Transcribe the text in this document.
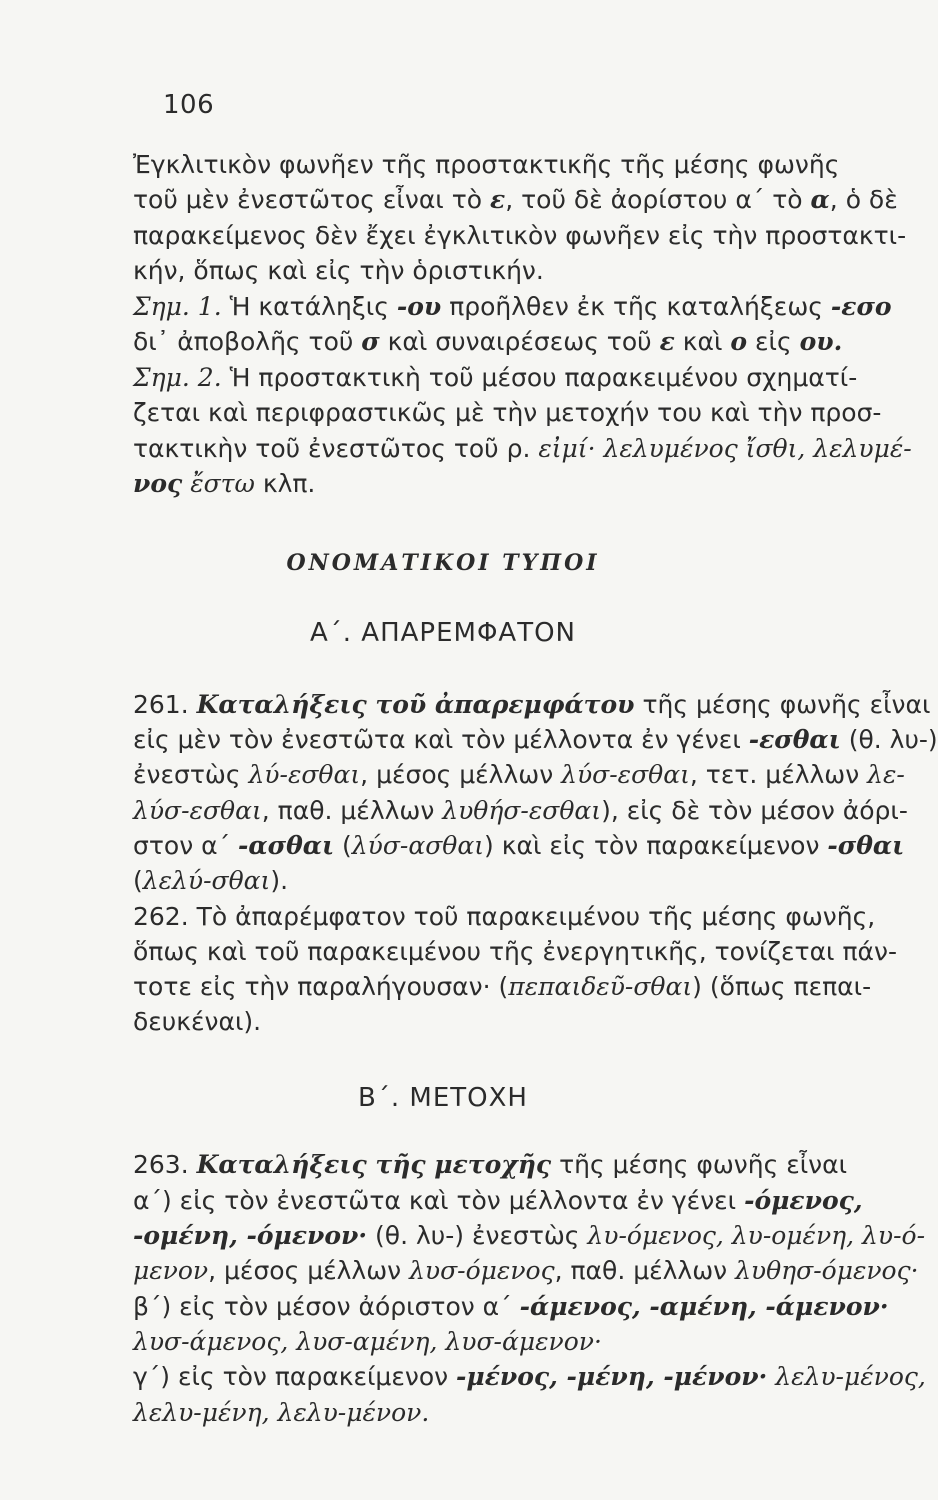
106
Ἐγκλιτικὸν φωνῆεν τῆς προστακτικῆς τῆς μέσης φωνῆς
τοῦ μὲν ἐνεστῶτος εἶναι τὸ ε, τοῦ δὲ ἀορίστου α΄ τὸ α, ὁ δὲ
παρακείμενος δὲν ἔχει ἐγκλιτικὸν φωνῆεν εἰς τὴν προστακτι-
κήν, ὅπως καὶ εἰς τὴν ὁριστικήν.
Σημ. 1. Ἡ κατάληξις -ου προῆλθεν ἐκ τῆς καταλήξεως -εσο
δι᾽ ἀποβολῆς τοῦ σ καὶ συναιρέσεως τοῦ ε καὶ ο εἰς ου.
Σημ. 2. Ἡ προστακτικὴ τοῦ μέσου παρακειμένου σχηματί-
ζεται καὶ περιφραστικῶς μὲ τὴν μετοχήν του καὶ τὴν προσ-
τακτικὴν τοῦ ἐνεστῶτος τοῦ ρ. εἰμί· λελυμένος ἴσθι, λελυμέ-
νος ἔστω κλπ.
ΟΝΟΜΑΤΙΚΟΙ ΤΥΠΟΙ
Α΄. ΑΠΑΡΕΜΦΑΤΟΝ
261. Καταλήξεις τοῦ ἀπαρεμφάτου τῆς μέσης φωνῆς εἶναι
εἰς μὲν τὸν ἐνεστῶτα καὶ τὸν μέλλοντα ἐν γένει -εσθαι (θ. λυ-)
ἐνεστὼς λύ-εσθαι, μέσος μέλλων λύσ-εσθαι, τετ. μέλλων λε-
λύσ-εσθαι, παθ. μέλλων λυθήσ-εσθαι), εἰς δὲ τὸν μέσον ἀόρι-
στον α΄ -ασθαι (λύσ-ασθαι) καὶ εἰς τὸν παρακείμενον -σθαι
(λελύ-σθαι).
262. Τὸ ἀπαρέμφατον τοῦ παρακειμένου τῆς μέσης φωνῆς,
ὅπως καὶ τοῦ παρακειμένου τῆς ἐνεργητικῆς, τονίζεται πάν-
τοτε εἰς τὴν παραλήγουσαν· (πεπαιδεῦ-σθαι) (ὅπως πεπαι-
δευκέναι).
Β΄. ΜΕΤΟΧΗ
263. Καταλήξεις τῆς μετοχῆς τῆς μέσης φωνῆς εἶναι
α΄) εἰς τὸν ἐνεστῶτα καὶ τὸν μέλλοντα ἐν γένει -όμενος,
-ομένη, -όμενον· (θ. λυ-) ἐνεστὼς λυ-όμενος, λυ-ομένη, λυ-ό-
μενον, μέσος μέλλων λυσ-όμενος, παθ. μέλλων λυθησ-όμενος·
β΄) εἰς τὸν μέσον ἀόριστον α΄ -άμενος, -αμένη, -άμενον·
λυσ-άμενος, λυσ-αμένη, λυσ-άμενον·
γ΄) εἰς τὸν παρακείμενον -μένος, -μένη, -μένον· λελυ-μένος,
λελυ-μένη, λελυ-μένον.
